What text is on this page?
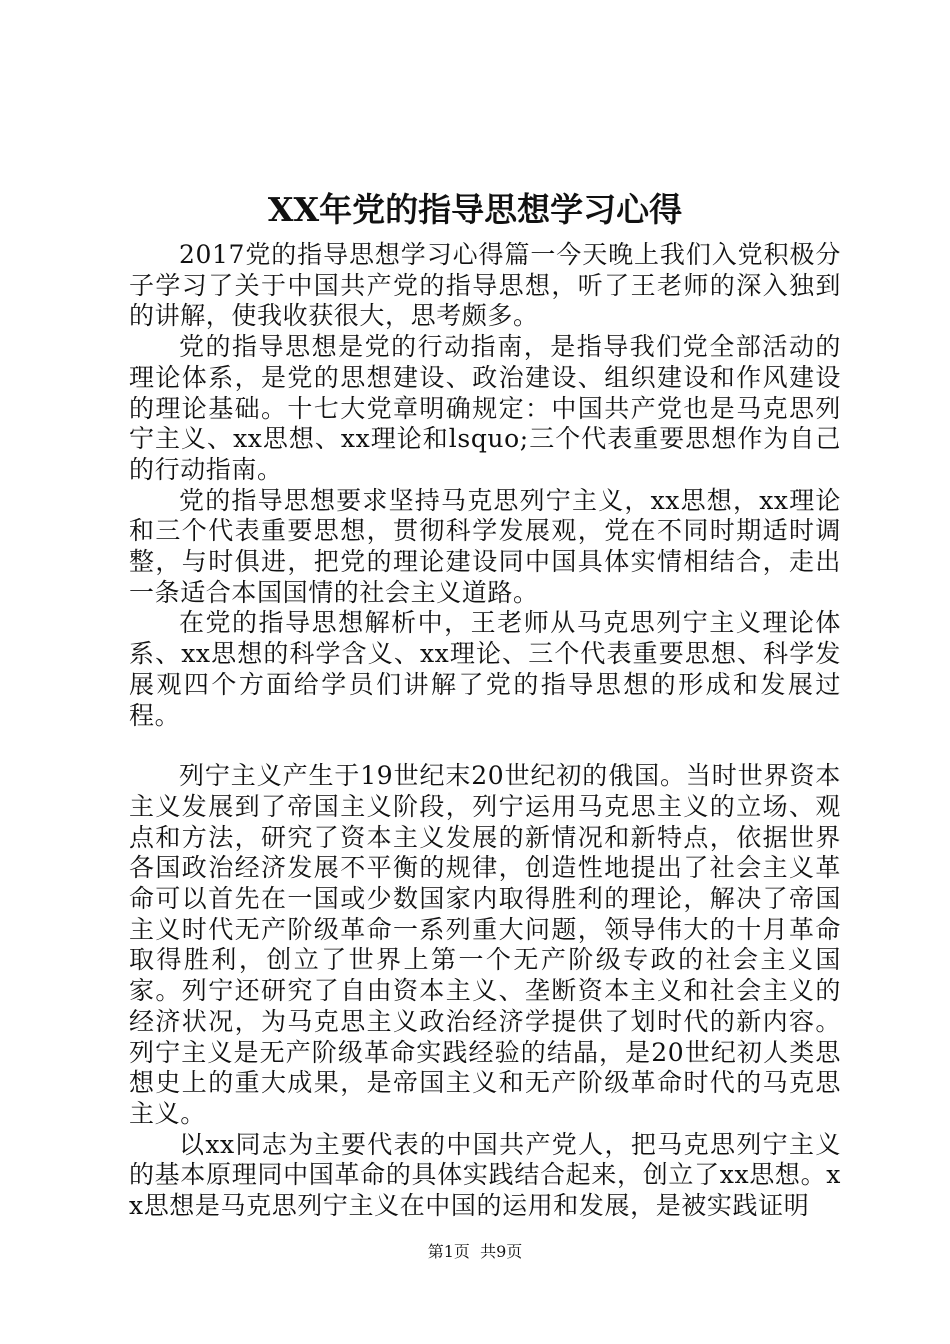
XX年党的指导思想学习心得

2017党的指导思想学习心得篇一今天晚上我们入党积极分子学习了关于中国共产党的指导思想，听了王老师的深入独到的讲解，使我收获很大，思考颇多。

党的指导思想是党的行动指南，是指导我们党全部活动的理论体系，是党的思想建设、政治建设、组织建设和作风建设的理论基础。十七大党章明确规定：中国共产党也是马克思列宁主义、xx思想、xx理论和lsquo;三个代表重要思想作为自己的行动指南。

党的指导思想要求坚持马克思列宁主义，xx思想，xx理论和三个代表重要思想，贯彻科学发展观，党在不同时期适时调整，与时俱进，把党的理论建设同中国具体实情相结合，走出一条适合本国国情的社会主义道路。

在党的指导思想解析中，王老师从马克思列宁主义理论体系、xx思想的科学含义、xx理论、三个代表重要思想、科学发展观四个方面给学员们讲解了党的指导思想的形成和发展过程。

列宁主义产生于19世纪末20世纪初的俄国。当时世界资本主义发展到了帝国主义阶段，列宁运用马克思主义的立场、观点和方法，研究了资本主义发展的新情况和新特点，依据世界各国政治经济发展不平衡的规律，创造性地提出了社会主义革命可以首先在一国或少数国家内取得胜利的理论，解决了帝国主义时代无产阶级革命一系列重大问题，领导伟大的十月革命取得胜利，创立了世界上第一个无产阶级专政的社会主义国家。列宁还研究了自由资本主义、垄断资本主义和社会主义的经济状况，为马克思主义政治经济学提供了划时代的新内容。列宁主义是无产阶级革命实践经验的结晶，是20世纪初人类思想史上的重大成果，是帝国主义和无产阶级革命时代的马克思主义。

以xx同志为主要代表的中国共产党人，把马克思列宁主义的基本原理同中国革命的具体实践结合起来，创立了xx思想。xx思想是马克思列宁主义在中国的运用和发展，是被实践证明

第1页 共9页
